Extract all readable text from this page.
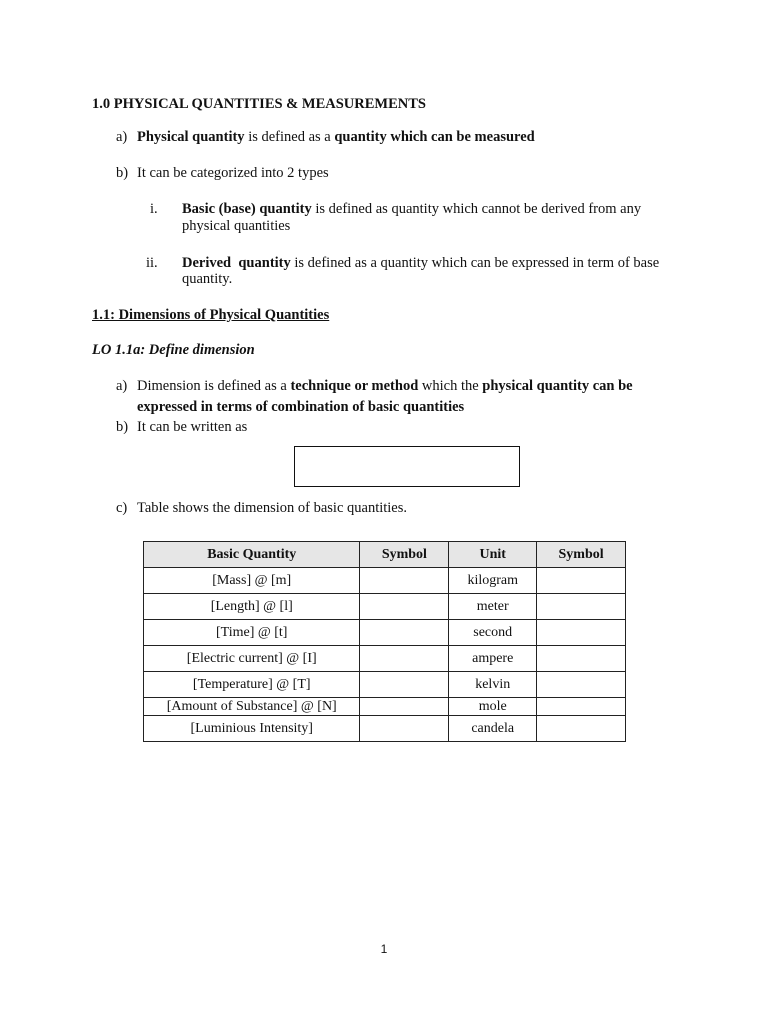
1.0 PHYSICAL QUANTITIES & MEASUREMENTS
a) Physical quantity is defined as a quantity which can be measured
b) It can be categorized into 2 types
i. Basic (base) quantity is defined as quantity which cannot be derived from any
physical quantities
ii. Derived  quantity is defined as a quantity which can be expressed in term of base
quantity.
1.1: Dimensions of Physical Quantities
LO 1.1a: Define dimension
a) Dimension is defined as a technique or method which the physical quantity can be
expressed in terms of combination of basic quantities
b) It can be written as
c) Table shows the dimension of basic quantities.
Basic Quantity	Symbol	Unit	Symbol
[Mass] @ [m]		kilogram	
[Length] @ [l]		meter	
[Time] @ [t]		second	
[Electric current] @ [I]		ampere	
[Temperature] @ [T]		kelvin	
[Amount of Substance] @ [N]		mole	
[Luminious Intensity]		candela	
1
